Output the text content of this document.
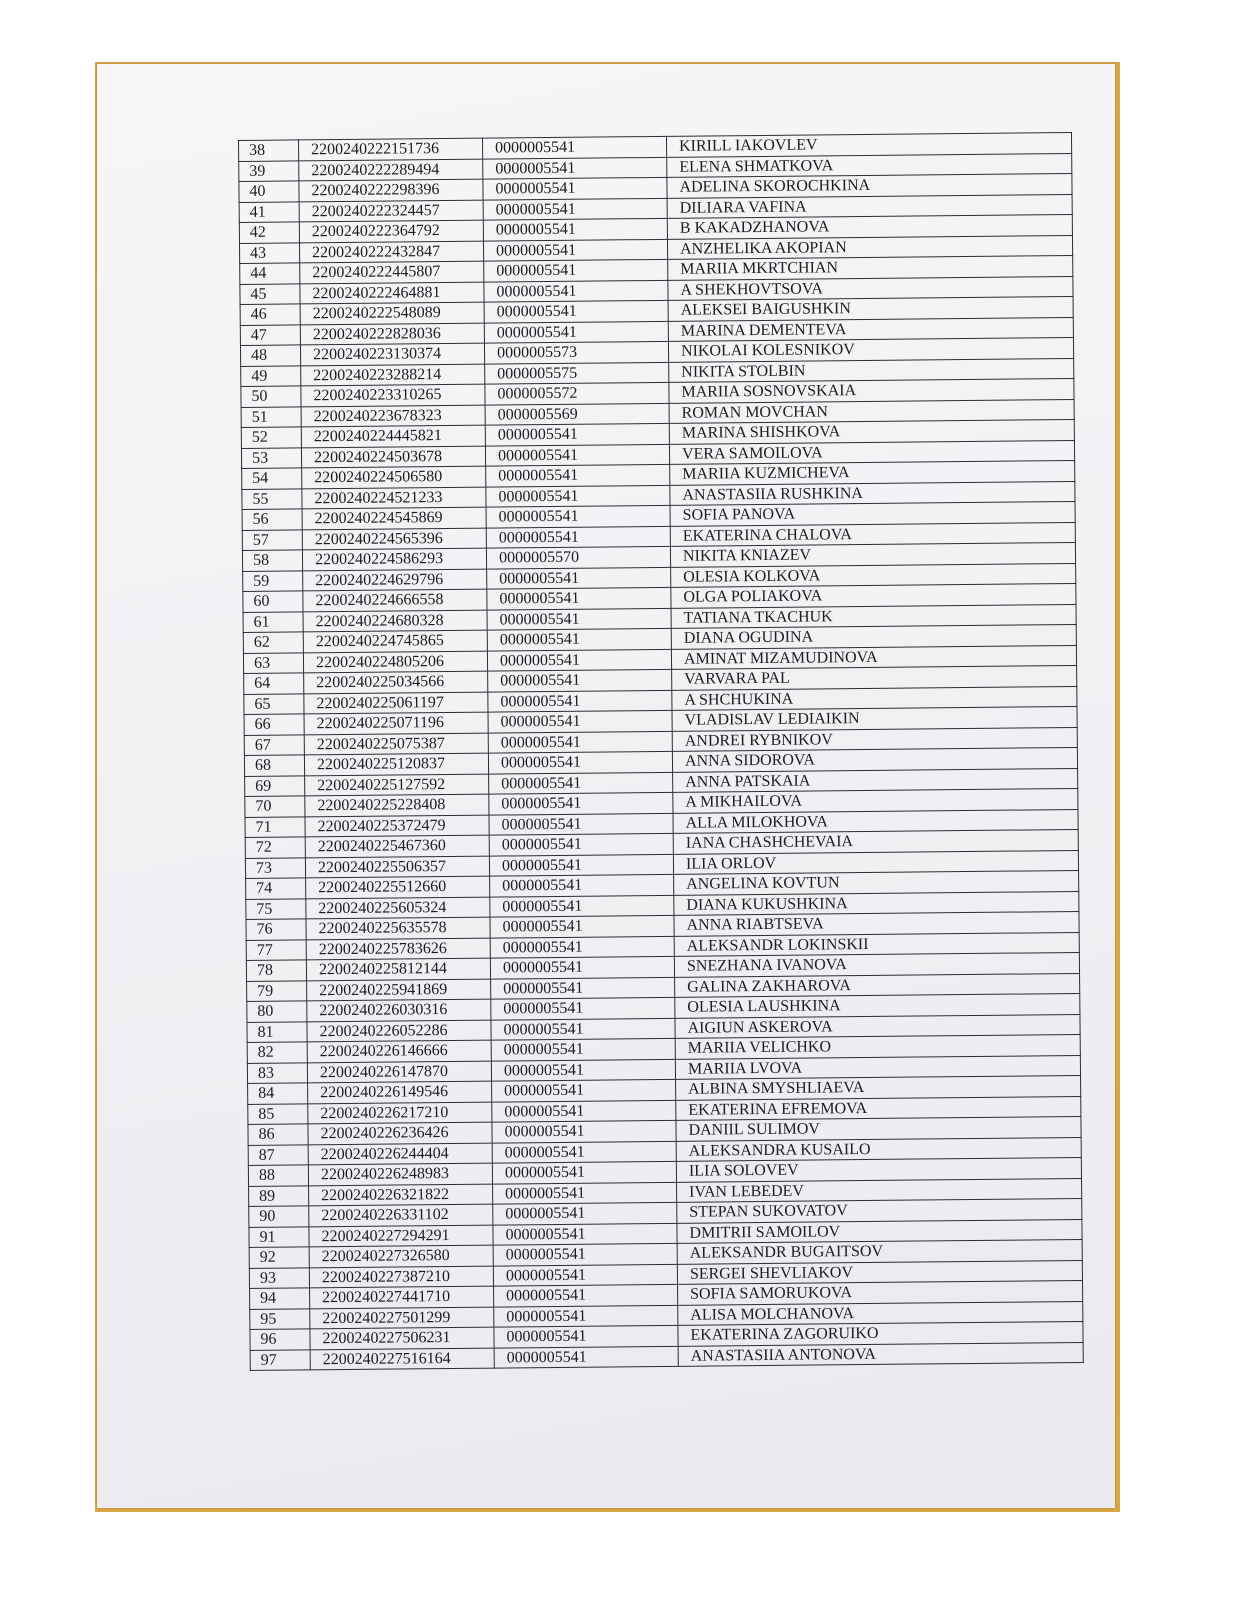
38	2200240222151736	0000005541	KIRILL IAKOVLEV
39	2200240222289494	0000005541	ELENA SHMATKOVA
40	2200240222298396	0000005541	ADELINA SKOROCHKINA
41	2200240222324457	0000005541	DILIARA VAFINA
42	2200240222364792	0000005541	B KAKADZHANOVA
43	2200240222432847	0000005541	ANZHELIKA AKOPIAN
44	2200240222445807	0000005541	MARIIA MKRTCHIAN
45	2200240222464881	0000005541	A SHEKHOVTSOVA
46	2200240222548089	0000005541	ALEKSEI BAIGUSHKIN
47	2200240222828036	0000005541	MARINA DEMENTEVA
48	2200240223130374	0000005573	NIKOLAI KOLESNIKOV
49	2200240223288214	0000005575	NIKITA STOLBIN
50	2200240223310265	0000005572	MARIIA SOSNOVSKAIA
51	2200240223678323	0000005569	ROMAN MOVCHAN
52	2200240224445821	0000005541	MARINA SHISHKOVA
53	2200240224503678	0000005541	VERA SAMOILOVA
54	2200240224506580	0000005541	MARIIA KUZMICHEVA
55	2200240224521233	0000005541	ANASTASIIA RUSHKINA
56	2200240224545869	0000005541	SOFIA PANOVA
57	2200240224565396	0000005541	EKATERINA CHALOVA
58	2200240224586293	0000005570	NIKITA KNIAZEV
59	2200240224629796	0000005541	OLESIA KOLKOVA
60	2200240224666558	0000005541	OLGA POLIAKOVA
61	2200240224680328	0000005541	TATIANA TKACHUK
62	2200240224745865	0000005541	DIANA OGUDINA
63	2200240224805206	0000005541	AMINAT MIZAMUDINOVA
64	2200240225034566	0000005541	VARVARA PAL
65	2200240225061197	0000005541	A SHCHUKINA
66	2200240225071196	0000005541	VLADISLAV LEDIAIKIN
67	2200240225075387	0000005541	ANDREI RYBNIKOV
68	2200240225120837	0000005541	ANNA SIDOROVA
69	2200240225127592	0000005541	ANNA PATSKAIA
70	2200240225228408	0000005541	A MIKHAILOVA
71	2200240225372479	0000005541	ALLA MILOKHOVA
72	2200240225467360	0000005541	IANA CHASHCHEVAIA
73	2200240225506357	0000005541	ILIA ORLOV
74	2200240225512660	0000005541	ANGELINA KOVTUN
75	2200240225605324	0000005541	DIANA KUKUSHKINA
76	2200240225635578	0000005541	ANNA RIABTSEVA
77	2200240225783626	0000005541	ALEKSANDR LOKINSKII
78	2200240225812144	0000005541	SNEZHANA IVANOVA
79	2200240225941869	0000005541	GALINA ZAKHAROVA
80	2200240226030316	0000005541	OLESIA LAUSHKINA
81	2200240226052286	0000005541	AIGIUN ASKEROVA
82	2200240226146666	0000005541	MARIIA VELICHKO
83	2200240226147870	0000005541	MARIIA LVOVA
84	2200240226149546	0000005541	ALBINA SMYSHLIAEVA
85	2200240226217210	0000005541	EKATERINA EFREMOVA
86	2200240226236426	0000005541	DANIIL SULIMOV
87	2200240226244404	0000005541	ALEKSANDRA KUSAILO
88	2200240226248983	0000005541	ILIA SOLOVEV
89	2200240226321822	0000005541	IVAN LEBEDEV
90	2200240226331102	0000005541	STEPAN SUKOVATOV
91	2200240227294291	0000005541	DMITRII SAMOILOV
92	2200240227326580	0000005541	ALEKSANDR BUGAITSOV
93	2200240227387210	0000005541	SERGEI SHEVLIAKOV
94	2200240227441710	0000005541	SOFIA SAMORUKOVA
95	2200240227501299	0000005541	ALISA MOLCHANOVA
96	2200240227506231	0000005541	EKATERINA ZAGORUIKO
97	2200240227516164	0000005541	ANASTASIIA ANTONOVA
